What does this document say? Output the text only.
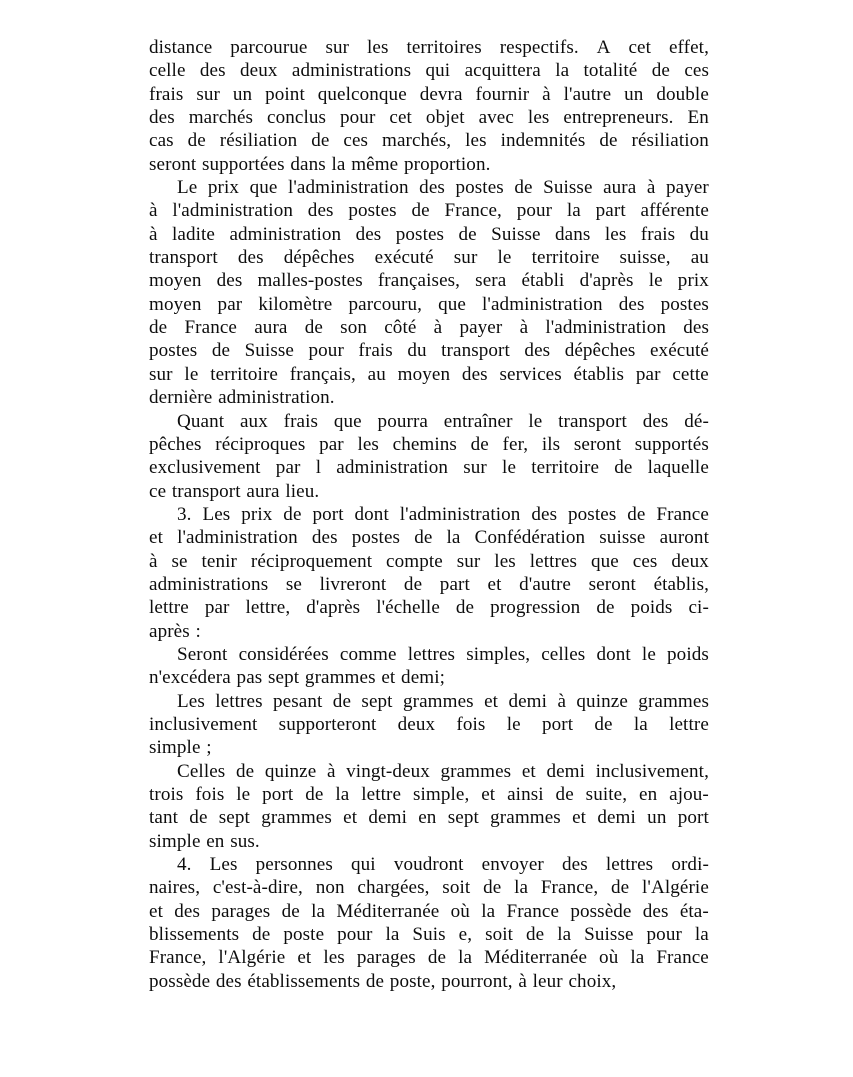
distance parcourue sur les territoires respectifs. A cet effet,
celle des deux administrations qui acquittera la totalité de ces
frais sur un point quelconque devra fournir à l'autre un double
des marchés conclus pour cet objet avec les entrepreneurs. En
cas de résiliation de ces marchés, les indemnités de résiliation
seront supportées dans la même proportion.
Le prix que l'administration des postes de Suisse aura à payer
à l'administration des postes de France, pour la part afférente
à ladite administration des postes de Suisse dans les frais du
transport des dépêches exécuté sur le territoire suisse, au
moyen des malles-postes françaises, sera établi d'après le prix
moyen par kilomètre parcouru, que l'administration des postes
de France aura de son côté à payer à l'administration des
postes de Suisse pour frais du transport des dépêches exécuté
sur le territoire français, au moyen des services établis par cette
dernière administration.
Quant aux frais que pourra entraîner le transport des dé-
pêches réciproques par les chemins de fer, ils seront supportés
exclusivement par l administration sur le territoire de laquelle
ce transport aura lieu.
3. Les prix de port dont l'administration des postes de France
et l'administration des postes de la Confédération suisse auront
à se tenir réciproquement compte sur les lettres que ces deux
administrations se livreront de part et d'autre seront établis,
lettre par lettre, d'après l'échelle de progression de poids ci-
après :
Seront considérées comme lettres simples, celles dont le poids
n'excédera pas sept grammes et demi;
Les lettres pesant de sept grammes et demi à quinze grammes
inclusivement supporteront deux fois le port de la lettre
simple ;
Celles de quinze à vingt-deux grammes et demi inclusivement,
trois fois le port de la lettre simple, et ainsi de suite, en ajou-
tant de sept grammes et demi en sept grammes et demi un port
simple en sus.
4. Les personnes qui voudront envoyer des lettres ordi-
naires, c'est-à-dire, non chargées, soit de la France, de l'Algérie
et des parages de la Méditerranée où la France possède des éta-
blissements de poste pour la Suis e, soit de la Suisse pour la
France, l'Algérie et les parages de la Méditerranée où la France
possède des établissements de poste, pourront, à leur choix,
